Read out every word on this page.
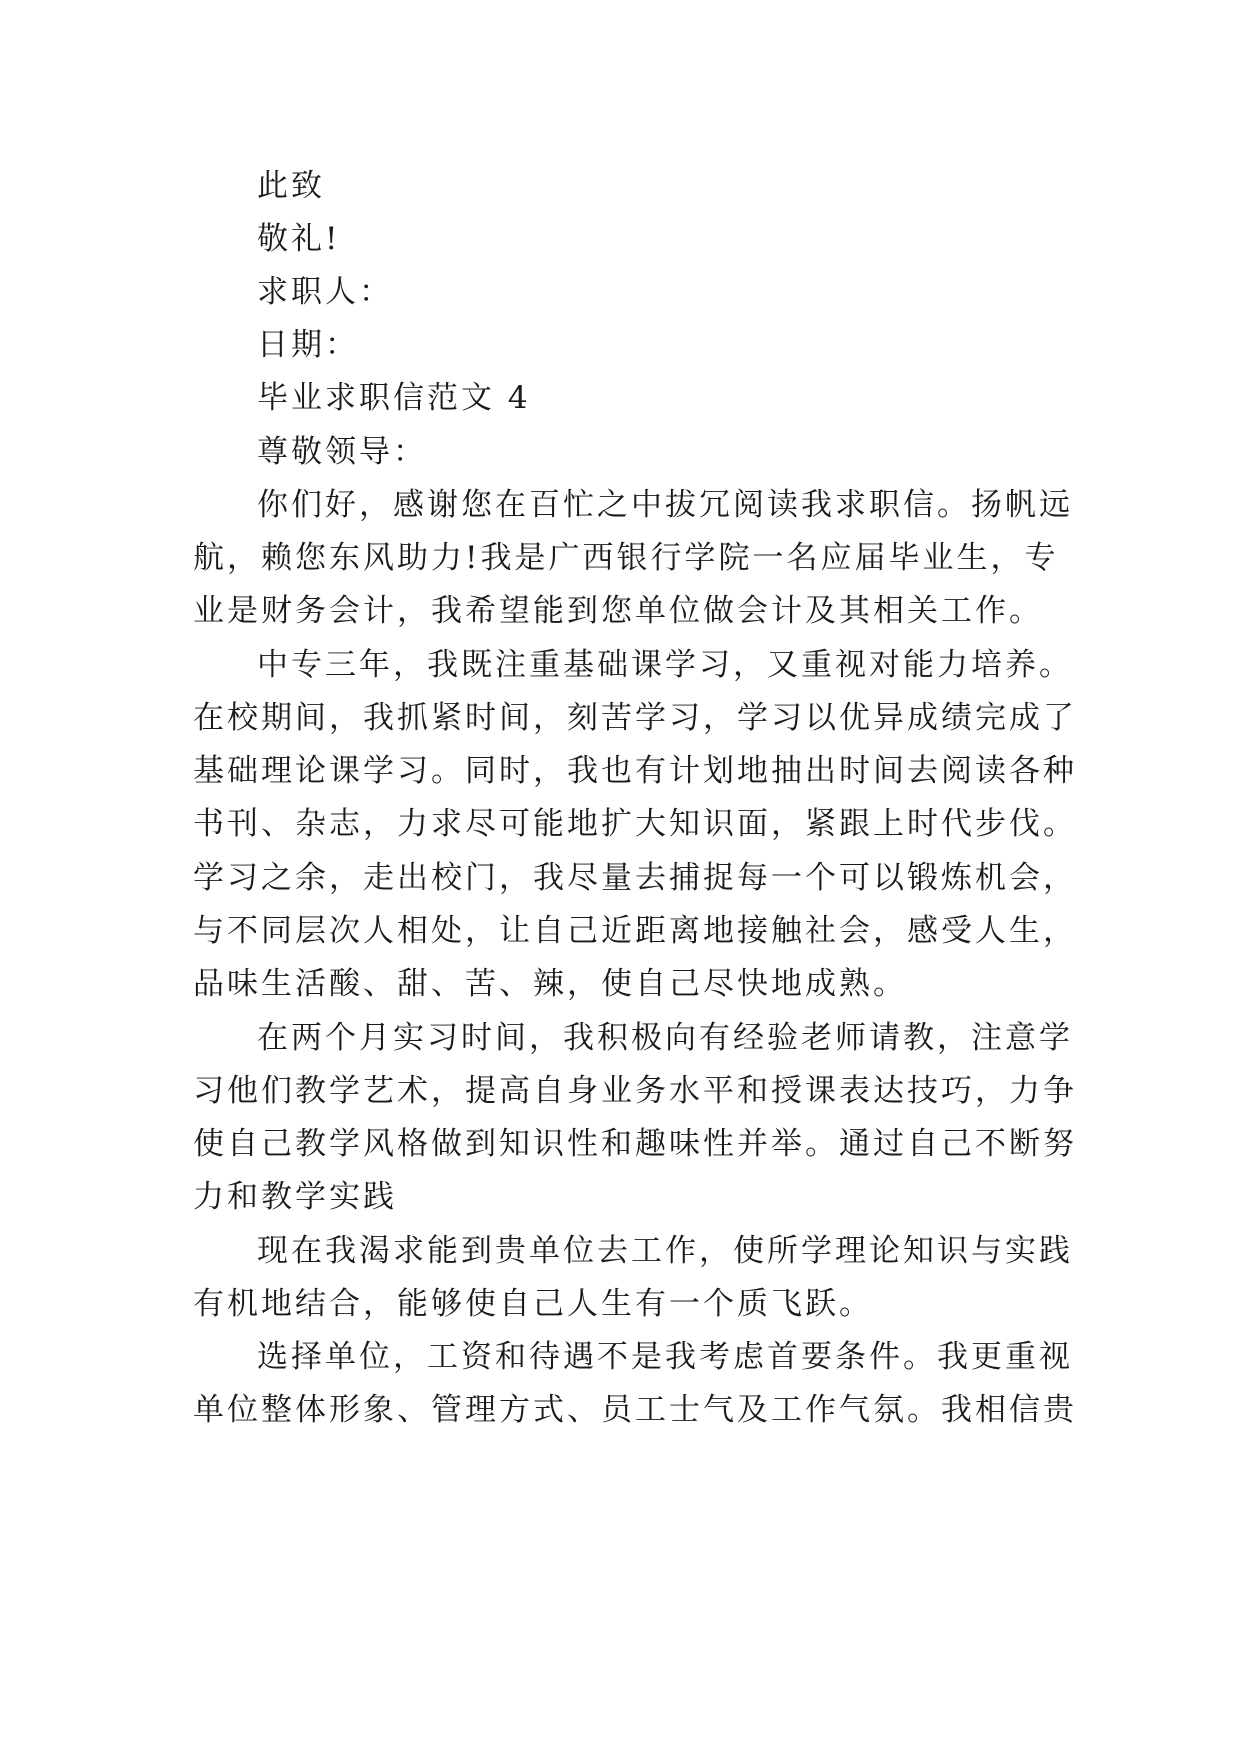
此致
敬礼!
求职人：
日期：
毕业求职信范文 4
尊敬领导：
你们好，感谢您在百忙之中拔冗阅读我求职信。扬帆远
航，赖您东风助力!我是广西银行学院一名应届毕业生，专
业是财务会计，我希望能到您单位做会计及其相关工作。
中专三年，我既注重基础课学习，又重视对能力培养。
在校期间，我抓紧时间，刻苦学习，学习以优异成绩完成了
基础理论课学习。同时，我也有计划地抽出时间去阅读各种
书刊、杂志，力求尽可能地扩大知识面，紧跟上时代步伐。
学习之余，走出校门，我尽量去捕捉每一个可以锻炼机会，
与不同层次人相处，让自己近距离地接触社会，感受人生，
品味生活酸、甜、苦、辣，使自己尽快地成熟。
在两个月实习时间，我积极向有经验老师请教，注意学
习他们教学艺术，提高自身业务水平和授课表达技巧，力争
使自己教学风格做到知识性和趣味性并举。通过自己不断努
力和教学实践
现在我渴求能到贵单位去工作，使所学理论知识与实践
有机地结合，能够使自己人生有一个质飞跃。
选择单位，工资和待遇不是我考虑首要条件。我更重视
单位整体形象、管理方式、员工士气及工作气氛。我相信贵
